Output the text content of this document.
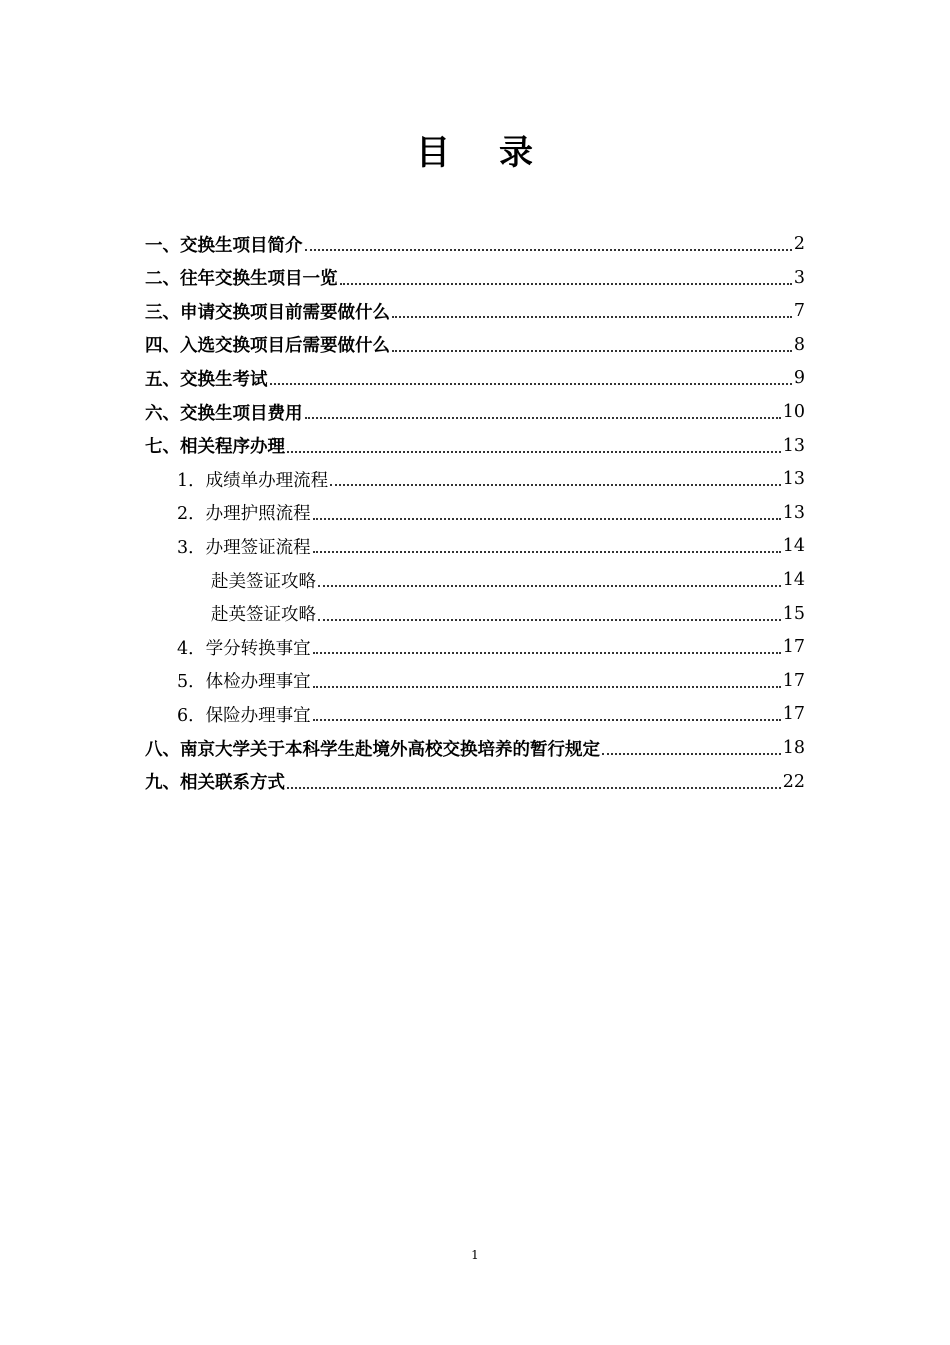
目 录
一、交换生项目简介	2
二、往年交换生项目一览	3
三、申请交换项目前需要做什么	7
四、入选交换项目后需要做什么	8
五、交换生考试	9
六、交换生项目费用	10
七、相关程序办理	13
1．成绩单办理流程	13
2．办理护照流程	13
3．办理签证流程	14
赴美签证攻略	14
赴英签证攻略	15
4．学分转换事宜	17
5．体检办理事宜	17
6．保险办理事宜	17
八、南京大学关于本科学生赴境外高校交换培养的暂行规定	18
九、相关联系方式	22
1
